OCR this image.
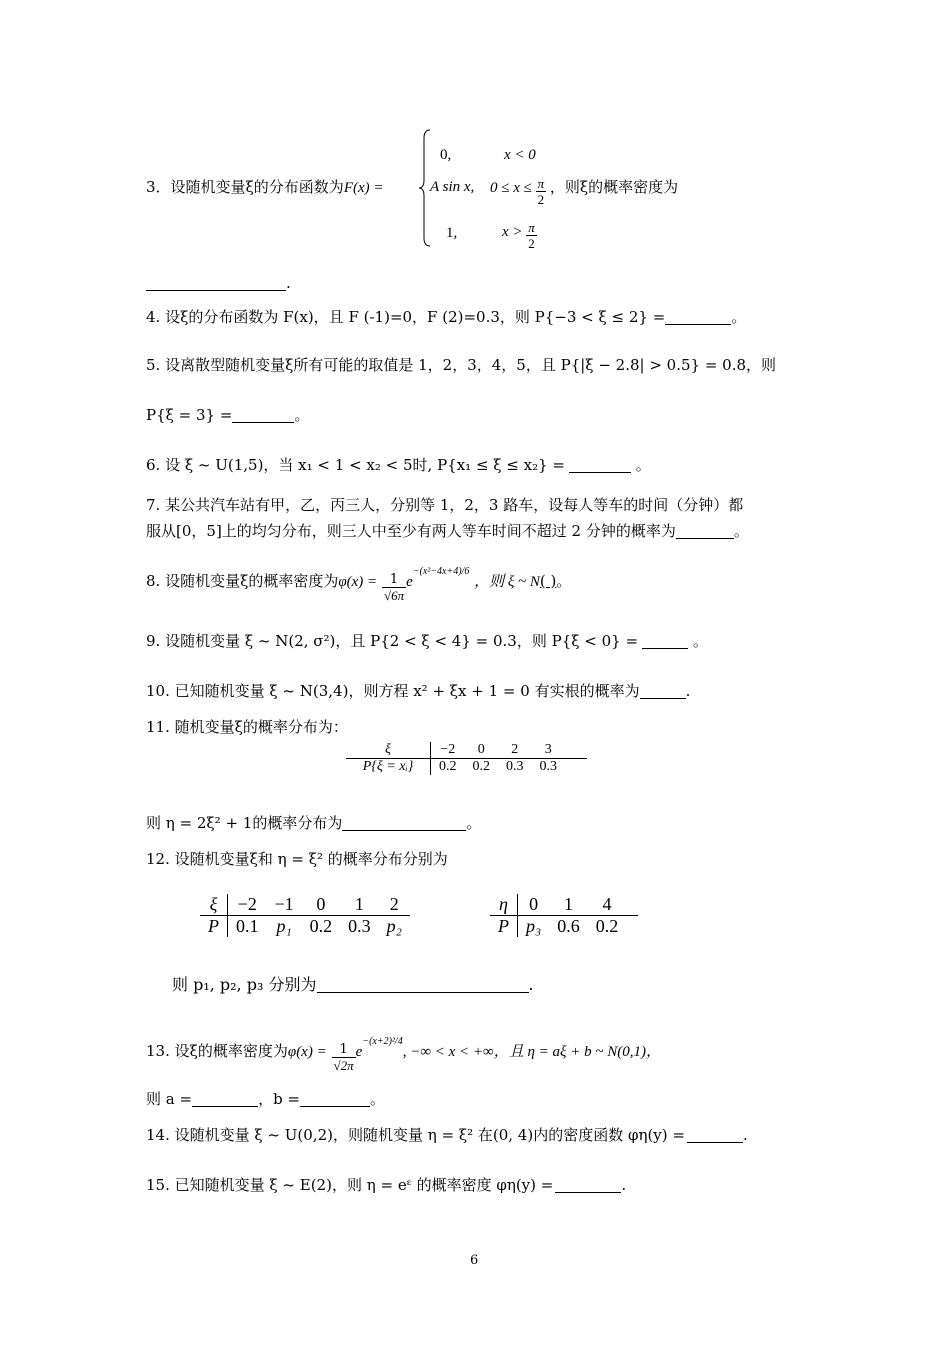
3．设随机变量ξ的分布函数为F(x) =
0,	x < 0
A sin x, $0 \le x \le \frac{\pi}{2}$ ，则ξ的概率密度为
1,	$x > \frac{\pi}{2}$
.
4. 设ξ的分布函数为 F(x)，且 F (-1)=0，F (2)=0.3，则 P{−3 < ξ ≤ 2} =	。
5. 设离散型随机变量ξ所有可能的取值是 1，2，3，4，5，且 P{|ξ − 2.8| > 0.5} = 0.8，则
P{ξ = 3} =	。
6. 设 ξ ~ U(1,5)，当 x₁ < 1 < x₂ < 5时, P{x₁ ≤ ξ ≤ x₂} =	。
7. 某公共汽车站有甲，乙，丙三人，分别等 1，2，3 路车，设每人等车的时间（分钟）都
服从[0，5]上的均匀分布，则三人中至少有两人等车时间不超过 2 分钟的概率为	。
8. 设随机变量ξ的概率密度为$\varphi(x) = \frac{1}{√6\pi} e^{-(x^2-4x+4)/6}$ ，则 ξ ~ N( )。
9. 设随机变量 ξ ~ N(2, σ²)，且 P{2 < ξ < 4} = 0.3，则 P{ξ < 0} =	。
10. 已知随机变量 ξ ~ N(3,4)，则方程 x² + ξx + 1 = 0 有实根的概率为	.
11. 随机变量ξ的概率分布为：
ξ	−2	0	2	3
P{ξ = xᵢ}	0.2	0.2	0.3	0.3
则 η = 2ξ² + 1的概率分布为	。
12. 设随机变量ξ和 η = ξ² 的概率分布分别为
ξ	−2	−1	0	1	2
P	0.1	p₁	0.2	0.3	p₂
η	0	1	4
P	p₃	0.6	0.2
则 p₁, p₂, p₃ 分别为	.
13. 设ξ的概率密度为$\varphi(x) = \frac{1}{√2\pi} e^{-(x+2)^2/4}$, −∞ < x < +∞，且 η = aξ + b ~ N(0,1)，
则 a =	，b =	。
14. 设随机变量 ξ ~ U(0,2)，则随机变量 η = ξ² 在(0, 4)内的密度函数 φη(y) =	.
15. 已知随机变量 ξ ~ E(2)，则 η = eᵋ 的概率密度 φη(y) =	.
6
